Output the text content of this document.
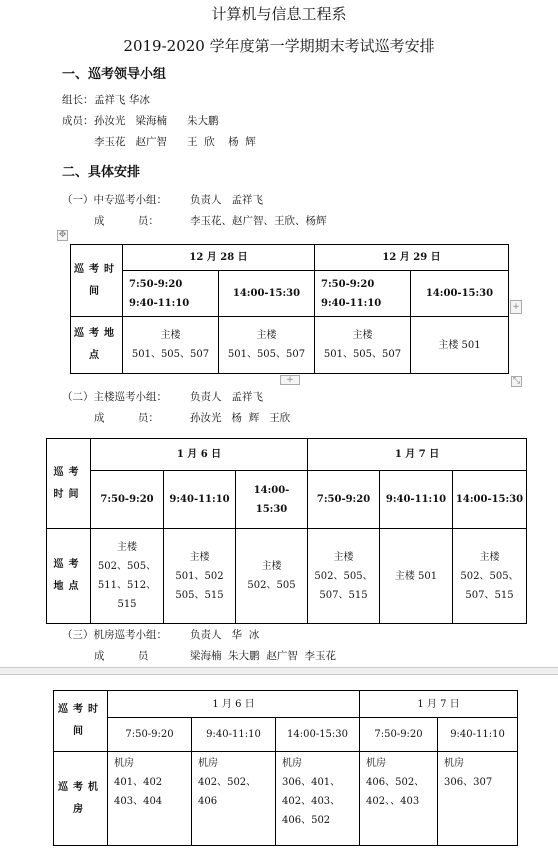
计算机与信息工程系
2019-2020 学年度第一学期期末考试巡考安排
一、巡考领导小组
组长： 孟祥飞 华冰
成员： 孙汝光   梁海楠      朱大鹏
李玉花   赵广智      王  欣    杨  辉
二、具体安排
（一）中专巡考小组： 负责人   孟祥飞
成          员：	李玉花、赵广智、王欣、杨辉
✥
巡考时间	12 月 28 日		12 月 29 日	
	7:50-9:20
9:40-11:10	14:00-15:30	7:50-9:20
9:40-11:10	14:00-15:30
巡考地点	主楼
501、505、507	主楼
501、505、507	主楼
501、505、507	主楼 501
+
+	⤡
（二）主楼巡考小组： 负责人   孟祥飞
成          员：	孙汝光   杨  辉   王欣
巡考时间	1 月 6 日			1 月 7 日		
	7:50-9:20	9:40-11:10	14:00-15:30	7:50-9:20	9:40-11:10	14:00-15:30
巡考地点	主楼
502、505、
511、512、515	主楼
501、502
505、515	主楼
502、505	主楼
502、505、
507、515	主楼 501	主楼
502、505、
507、515
（三）机房巡考小组： 负责人   华  冰
成          员	梁海楠  朱大鹏  赵广智  李玉花
巡考时间	1 月 6 日			1 月 7 日	
	7:50-9:20	9:40-11:10	14:00-15:30	7:50-9:20	9:40-11:10
巡考机房	机房
401、402
403、404	机房
402、502、
406	机房
306、401、
402、403、
406、502	机房
406、502、
402、、403	机房
306、307
